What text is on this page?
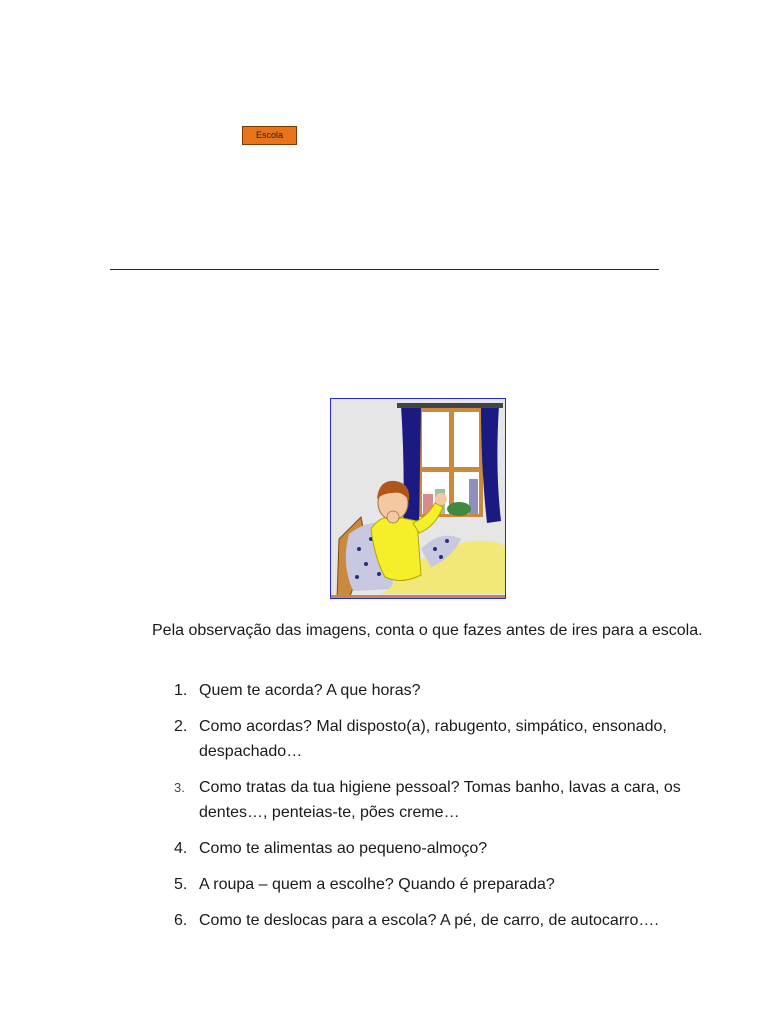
Escola

Pela observação das imagens, conta o que fazes antes de ires para a escola.

1. Quem te acorda? A que horas?
2. Como acordas? Mal disposto(a), rabugento, simpático, ensonado, despachado…
3. Como tratas da tua higiene pessoal? Tomas banho, lavas a cara, os dentes…, penteias-te, pões creme…
4. Como te alimentas ao pequeno-almoço?
5. A roupa – quem a escolhe? Quando é preparada?
6. Como te deslocas para a escola? A pé, de carro, de autocarro….
